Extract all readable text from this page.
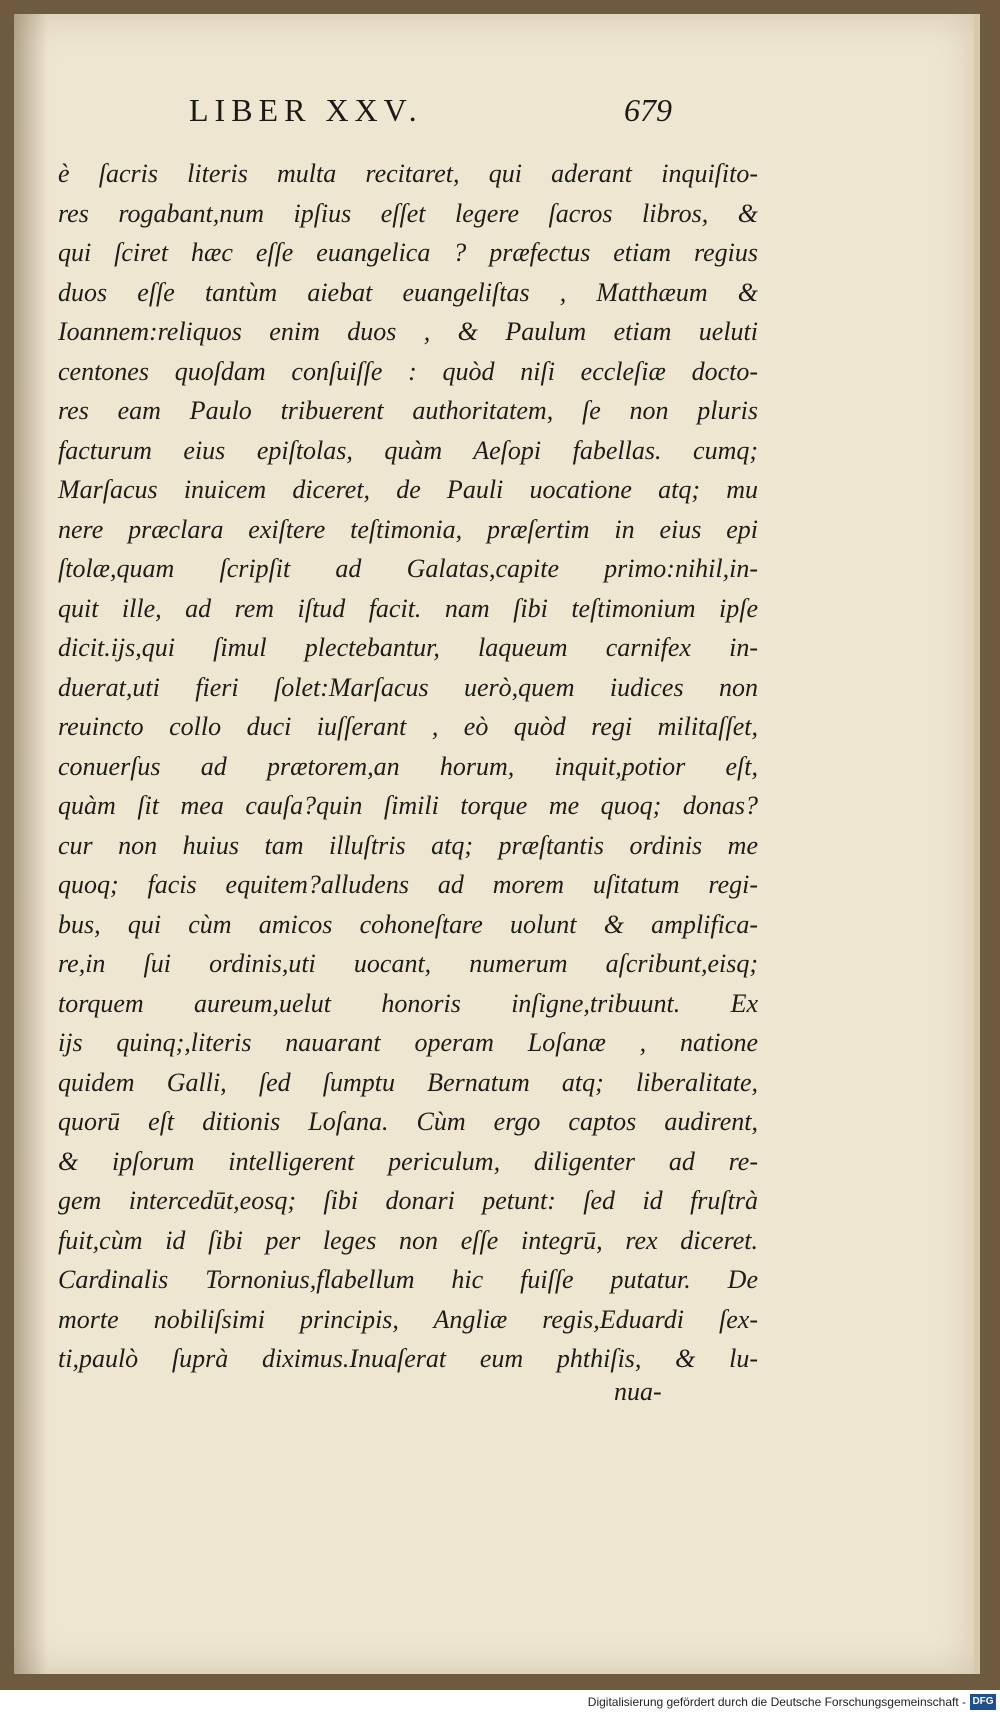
LIBER XXV.	679
è ſacris literis multa recitaret, qui aderant inquiſito-
res rogabant,num ipſius eſſet legere ſacros libros, &
qui ſciret hæc eſſe euangelica ? præfectus etiam regius
duos eſſe tantùm aiebat euangeliſtas , Matthæum &
Ioannem:reliquos enim duos , & Paulum etiam ueluti
centones quoſdam conſuiſſe : quòd niſi eccleſiæ docto-
res eam Paulo tribuerent authoritatem, ſe non pluris
facturum eius epiſtolas, quàm Aeſopi fabellas. cumq;
Marſacus inuicem diceret, de Pauli uocatione atq; mu
nere præclara exiſtere teſtimonia, præſertim in eius epi
ſtolæ,quam ſcripſit ad Galatas,capite primo:nihil,in-
quit ille, ad rem iſtud facit. nam ſibi teſtimonium ipſe
dicit.ijs,qui ſimul plectebantur, laqueum carnifex in-
duerat,uti fieri ſolet:Marſacus uerò,quem iudices non
reuincto collo duci iuſſerant , eò quòd regi militaſſet,
conuerſus ad prætorem,an horum, inquit,potior eſt,
quàm ſit mea cauſa?quin ſimili torque me quoq; donas?
cur non huius tam illuſtris atq; præſtantis ordinis me
quoq; facis equitem?alludens ad morem uſitatum regi-
bus, qui cùm amicos cohoneſtare uolunt & amplifica-
re,in ſui ordinis,uti uocant, numerum aſcribunt,eisq;
torquem aureum,uelut honoris inſigne,tribuunt. Ex
ijs quinq;,literis nauarant operam Loſanæ , natione
quidem Galli, ſed ſumptu Bernatum atq; liberalitate,
quorū eſt ditionis Loſana. Cùm ergo captos audirent,
& ipſorum intelligerent periculum, diligenter ad re-
gem intercedūt,eosq; ſibi donari petunt: ſed id fruſtrà
fuit,cùm id ſibi per leges non eſſe integrū, rex diceret.
Cardinalis Tornonius,flabellum hic fuiſſe putatur. De
morte nobiliſsimi principis, Angliæ regis,Eduardi ſex-
ti,paulò ſuprà diximus.Inuaſerat eum phthiſis, & lu-
nua-
Digitalisierung gefördert durch die Deutsche Forschungsgemeinschaft - DFG
